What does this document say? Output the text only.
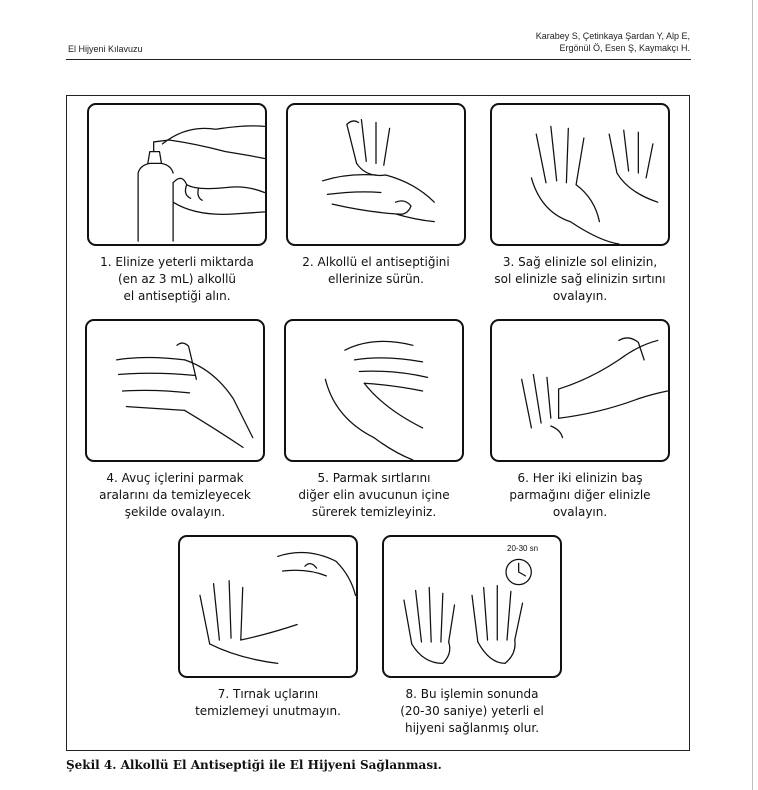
El Hijyeni Kılavuzu
Karabey S, Çetinkaya Şardan Y, Alp E,
Ergönül Ö, Esen Ş, Kaymakçı H.
1. Elinize yeterli miktarda
(en az 3 mL) alkollü
el antiseptiği alın.
2. Alkollü el antiseptiğini
ellerinize sürün.
3. Sağ elinizle sol elinizin,
sol elinizle sağ elinizin sırtını
ovalayın.
4. Avuç içlerini parmak
aralarını da temizleyecek
şekilde ovalayın.
5. Parmak sırtlarını
diğer elin avucunun içine
sürerek temizleyiniz.
6. Her iki elinizin baş
parmağını diğer elinizle
ovalayın.
7. Tırnak uçlarını
temizlemeyi unutmayın.
20-30 sn
8. Bu işlemin sonunda
(20-30 saniye) yeterli el
hijyeni sağlanmış olur.
Şekil 4. Alkollü El Antiseptiği ile El Hijyeni Sağlanması.
